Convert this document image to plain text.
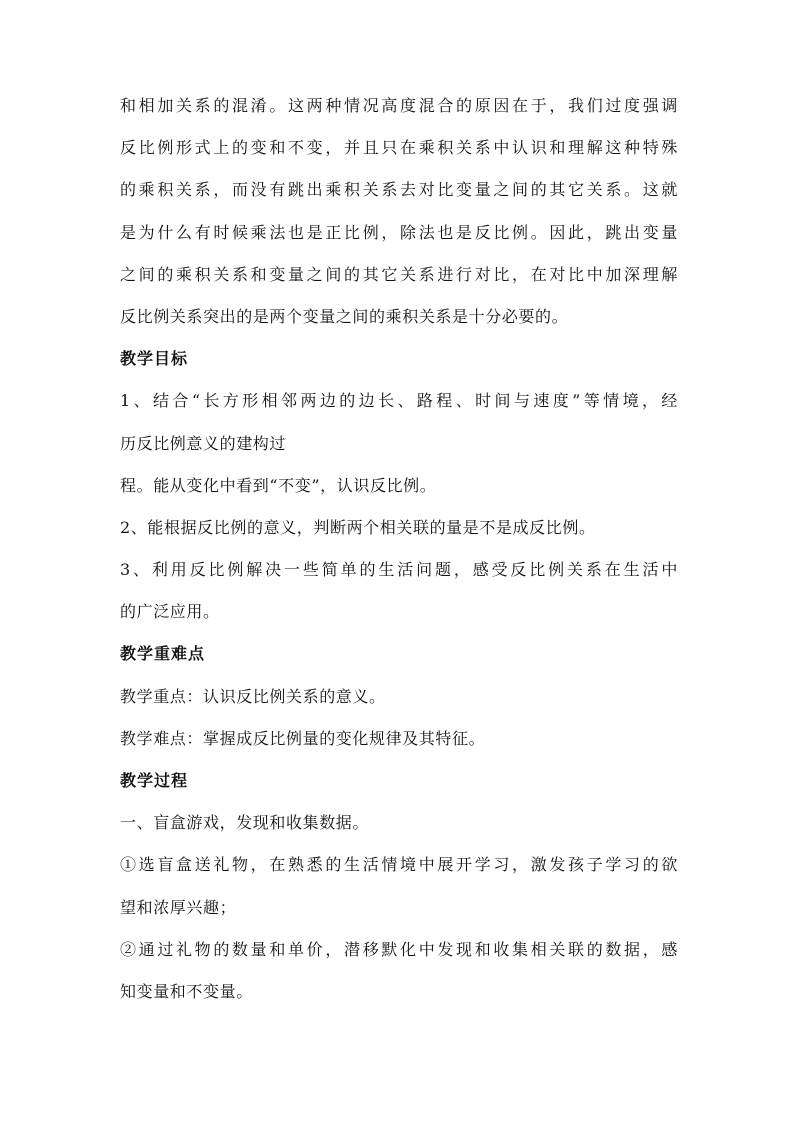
和相加关系的混淆。这两种情况高度混合的原因在于，我们过度强调
反比例形式上的变和不变，并且只在乘积关系中认识和理解这种特殊
的乘积关系，而没有跳出乘积关系去对比变量之间的其它关系。这就
是为什么有时候乘法也是正比例，除法也是反比例。因此，跳出变量
之间的乘积关系和变量之间的其它关系进行对比，在对比中加深理解
反比例关系突出的是两个变量之间的乘积关系是十分必要的。
教学目标
1、结合“长方形相邻两边的边长、路程、时间与速度”等情境，经
历反比例意义的建构过
程。能从变化中看到“不变”，认识反比例。
2、能根据反比例的意义，判断两个相关联的量是不是成反比例。
3、利用反比例解决一些简单的生活问题，感受反比例关系在生活中
的广泛应用。
教学重难点
教学重点：认识反比例关系的意义。
教学难点：掌握成反比例量的变化规律及其特征。
教学过程
一、盲盒游戏，发现和收集数据。
①选盲盒送礼物，在熟悉的生活情境中展开学习，激发孩子学习的欲
望和浓厚兴趣；
②通过礼物的数量和单价，潜移默化中发现和收集相关联的数据，感
知变量和不变量。
